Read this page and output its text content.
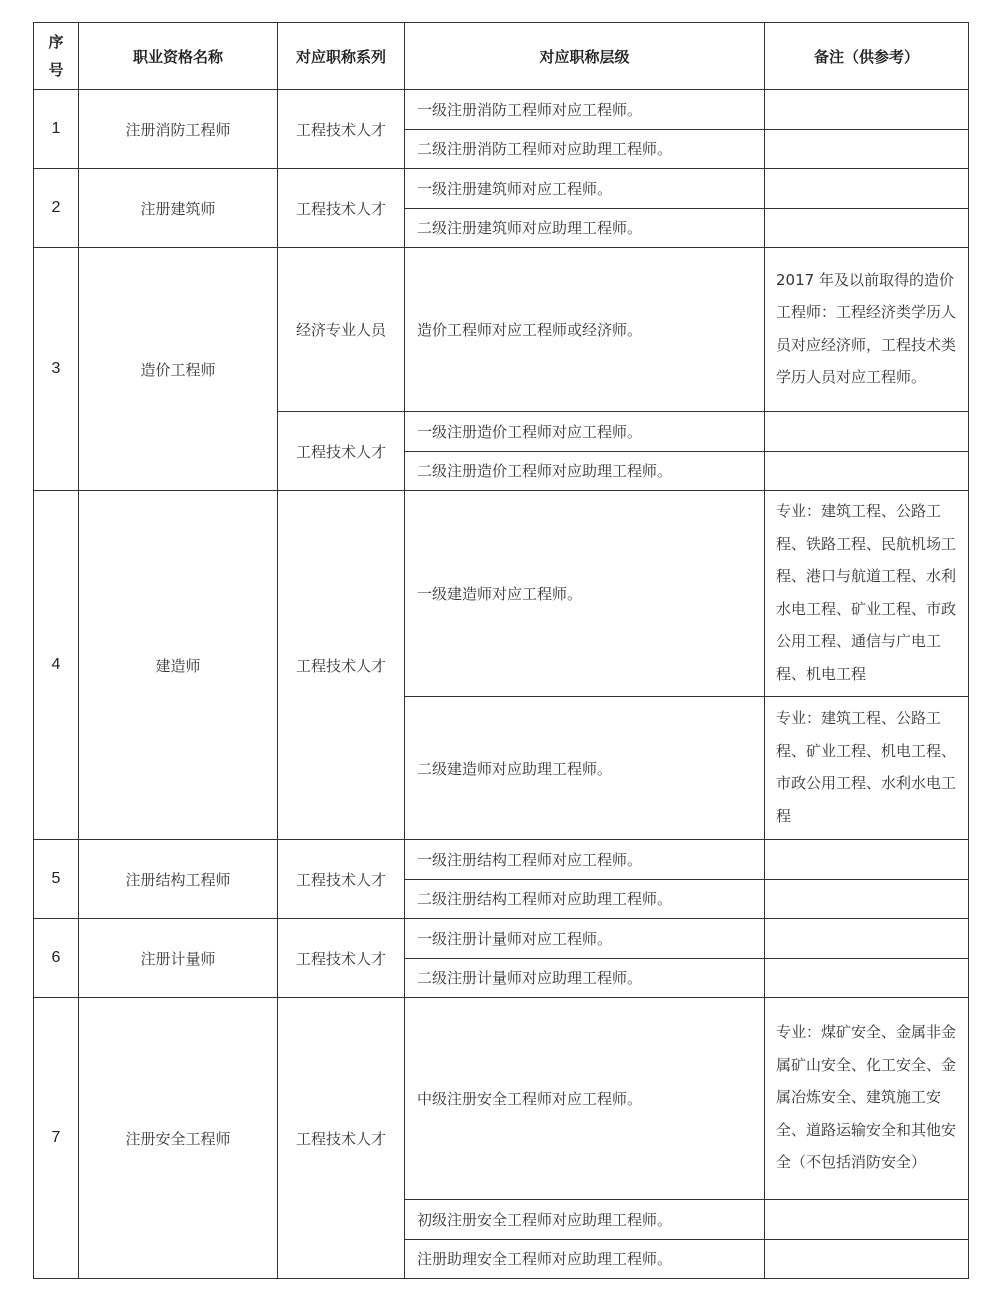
序号	职业资格名称	对应职称系列	对应职称层级	备注（供参考）
1	注册消防工程师	工程技术人才	一级注册消防工程师对应工程师。	
			二级注册消防工程师对应助理工程师。	
2	注册建筑师	工程技术人才	一级注册建筑师对应工程师。	
			二级注册建筑师对应助理工程师。	
3	造价工程师	经济专业人员	造价工程师对应工程师或经济师。	2017 年及以前取得的造价工程师：工程经济类学历人员对应经济师，工程技术类学历人员对应工程师。
		工程技术人才	一级注册造价工程师对应工程师。	
			二级注册造价工程师对应助理工程师。	
4	建造师	工程技术人才	一级建造师对应工程师。	专业：建筑工程、公路工程、铁路工程、民航机场工程、港口与航道工程、水利水电工程、矿业工程、市政公用工程、通信与广电工程、机电工程
			二级建造师对应助理工程师。	专业：建筑工程、公路工程、矿业工程、机电工程、市政公用工程、水利水电工程
5	注册结构工程师	工程技术人才	一级注册结构工程师对应工程师。	
			二级注册结构工程师对应助理工程师。	
6	注册计量师	工程技术人才	一级注册计量师对应工程师。	
			二级注册计量师对应助理工程师。	
7	注册安全工程师	工程技术人才	中级注册安全工程师对应工程师。	专业：煤矿安全、金属非金属矿山安全、化工安全、金属冶炼安全、建筑施工安全、道路运输安全和其他安全（不包括消防安全）
			初级注册安全工程师对应助理工程师。	
			注册助理安全工程师对应助理工程师。	
